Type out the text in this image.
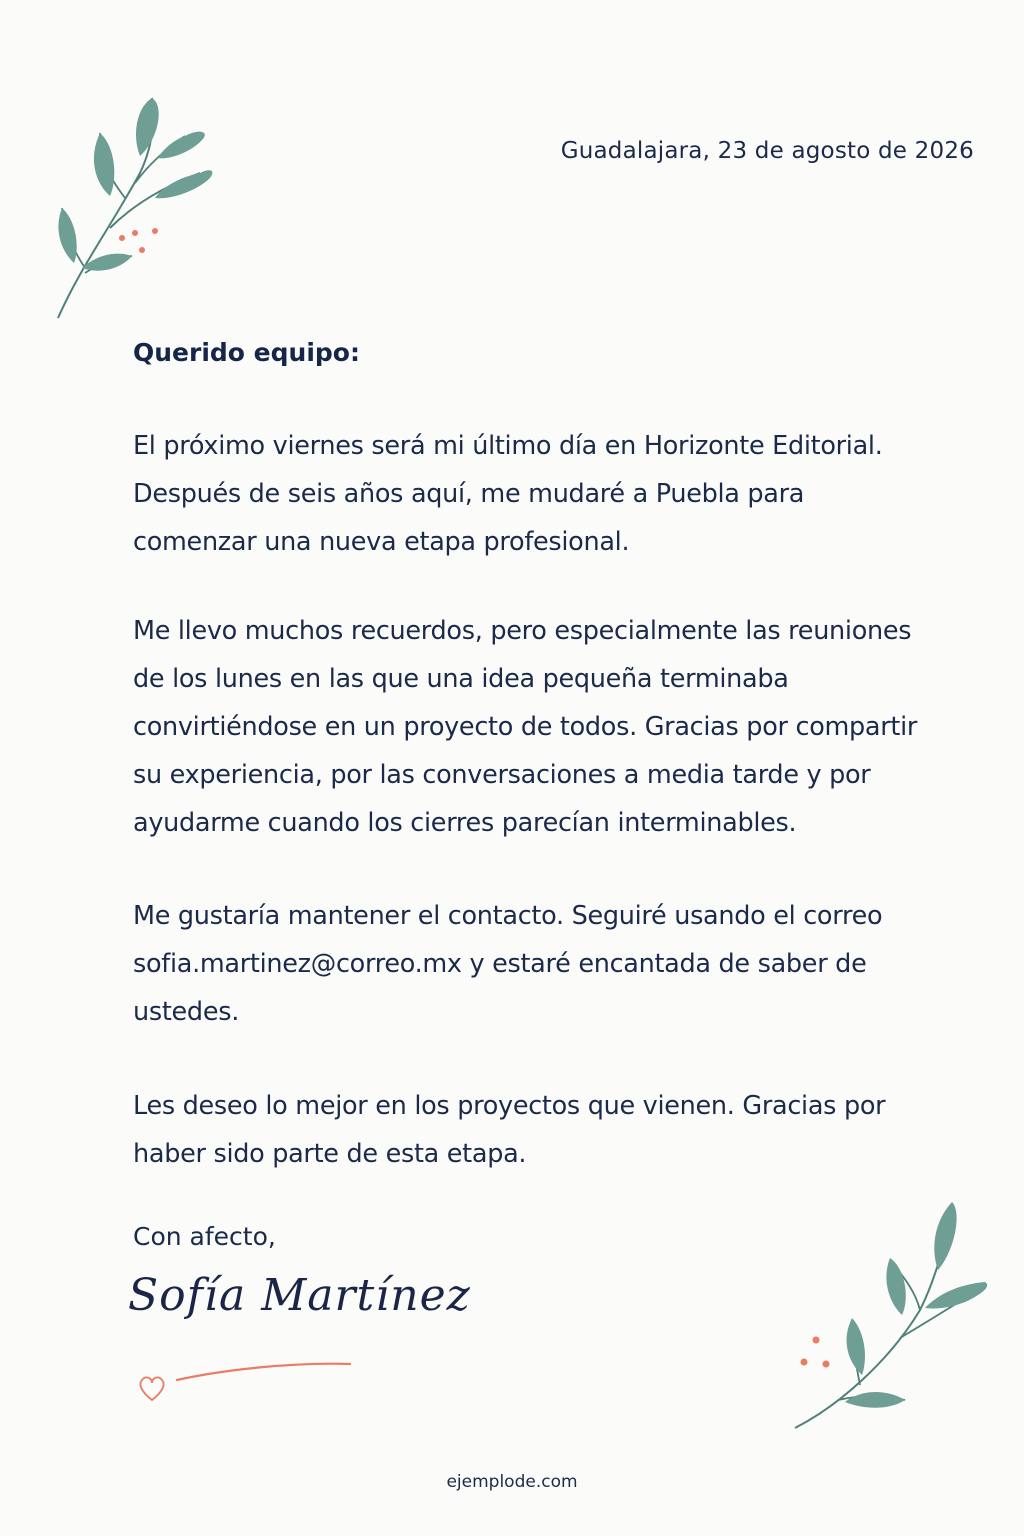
Guadalajara, 23 de agosto de 2026
Querido equipo:

El próximo viernes será mi último día en Horizonte Editorial. Después de seis años aquí, me mudaré a Puebla para comenzar una nueva etapa profesional.

Me llevo muchos recuerdos, pero especialmente las reuniones de los lunes en las que una idea pequeña terminaba convirtiéndose en un proyecto de todos. Gracias por compartir su experiencia, por las conversaciones a media tarde y por ayudarme cuando los cierres parecían interminables.

Me gustaría mantener el contacto. Seguiré usando el correo sofia.martinez@correo.mx y estaré encantada de saber de ustedes.

Les deseo lo mejor en los proyectos que vienen. Gracias por haber sido parte de esta etapa.

Con afecto,
Sofía Martínez
ejemplode.com
